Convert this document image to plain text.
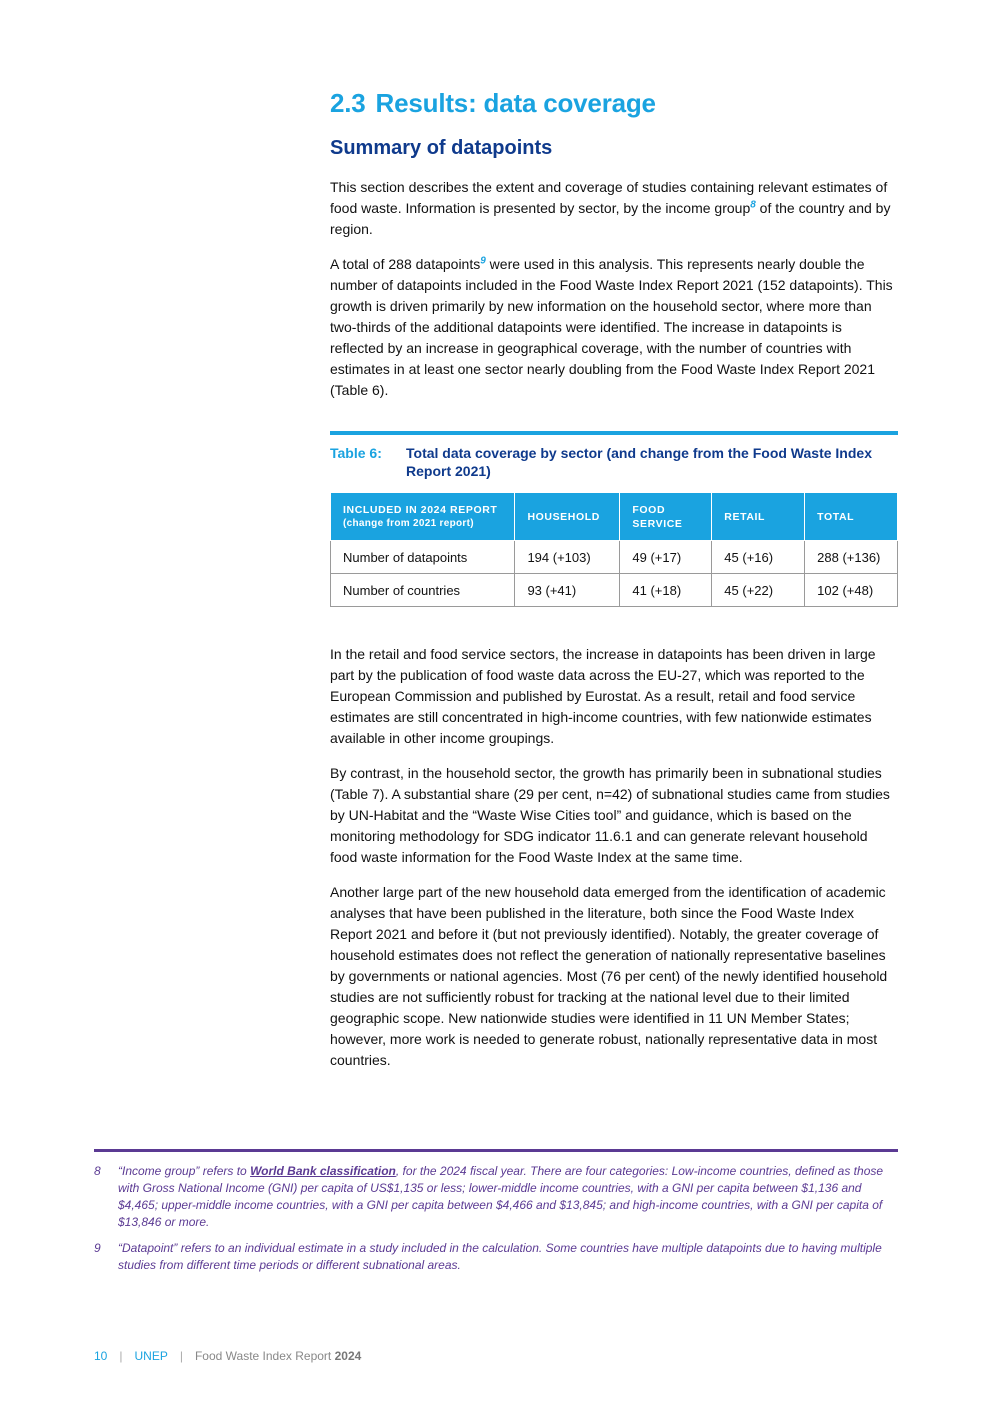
2.3 Results: data coverage
Summary of datapoints

This section describes the extent and coverage of studies containing relevant estimates of food waste. Information is presented by sector, by the income group$^8$ of the country and by region.

A total of 288 datapoints$^9$ were used in this analysis. This represents nearly double the number of datapoints included in the Food Waste Index Report 2021 (152 datapoints). This growth is driven primarily by new information on the household sector, where more than two-thirds of the additional datapoints were identified. The increase in datapoints is reflected by an increase in geographical coverage, with the number of countries with estimates in at least one sector nearly doubling from the Food Waste Index Report 2021 (Table 6).

Table 6: Total data coverage by sector (and change from the Food Waste Index Report 2021)
INCLUDED IN 2024 REPORT
(change from 2021 report)	HOUSEHOLD	FOOD SERVICE	RETAIL	TOTAL
Number of datapoints	194 (+103)	49 (+17)	45 (+16)	288 (+136)
Number of countries	93 (+41)	41 (+18)	45 (+22)	102 (+48)

In the retail and food service sectors, the increase in datapoints has been driven in large part by the publication of food waste data across the EU-27, which was reported to the European Commission and published by Eurostat. As a result, retail and food service estimates are still concentrated in high-income countries, with few nationwide estimates available in other income groupings.

By contrast, in the household sector, the growth has primarily been in subnational studies (Table 7). A substantial share (29 per cent, n=42) of subnational studies came from studies by UN-Habitat and the “Waste Wise Cities tool” and guidance, which is based on the monitoring methodology for SDG indicator 11.6.1 and can generate relevant household food waste information for the Food Waste Index at the same time.

Another large part of the new household data emerged from the identification of academic analyses that have been published in the literature, both since the Food Waste Index Report 2021 and before it (but not previously identified). Notably, the greater coverage of household estimates does not reflect the generation of nationally representative baselines by governments or national agencies. Most (76 per cent) of the newly identified household studies are not sufficiently robust for tracking at the national level due to their limited geographic scope. New nationwide studies were identified in 11 UN Member States; however, more work is needed to generate robust, nationally representative data in most countries.

8 “Income group” refers to World Bank classification, for the 2024 fiscal year. There are four categories: Low-income countries, defined as those with Gross National Income (GNI) per capita of US$1,135 or less; lower-middle income countries, with a GNI per capita between $1,136 and $4,465; upper-middle income countries, with a GNI per capita between $4,466 and $13,845; and high-income countries, with a GNI per capita of $13,846 or more.
9 “Datapoint” refers to an individual estimate in a study included in the calculation. Some countries have multiple datapoints due to having multiple studies from different time periods or different subnational areas.
10 | UNEP | Food Waste Index Report 2024
